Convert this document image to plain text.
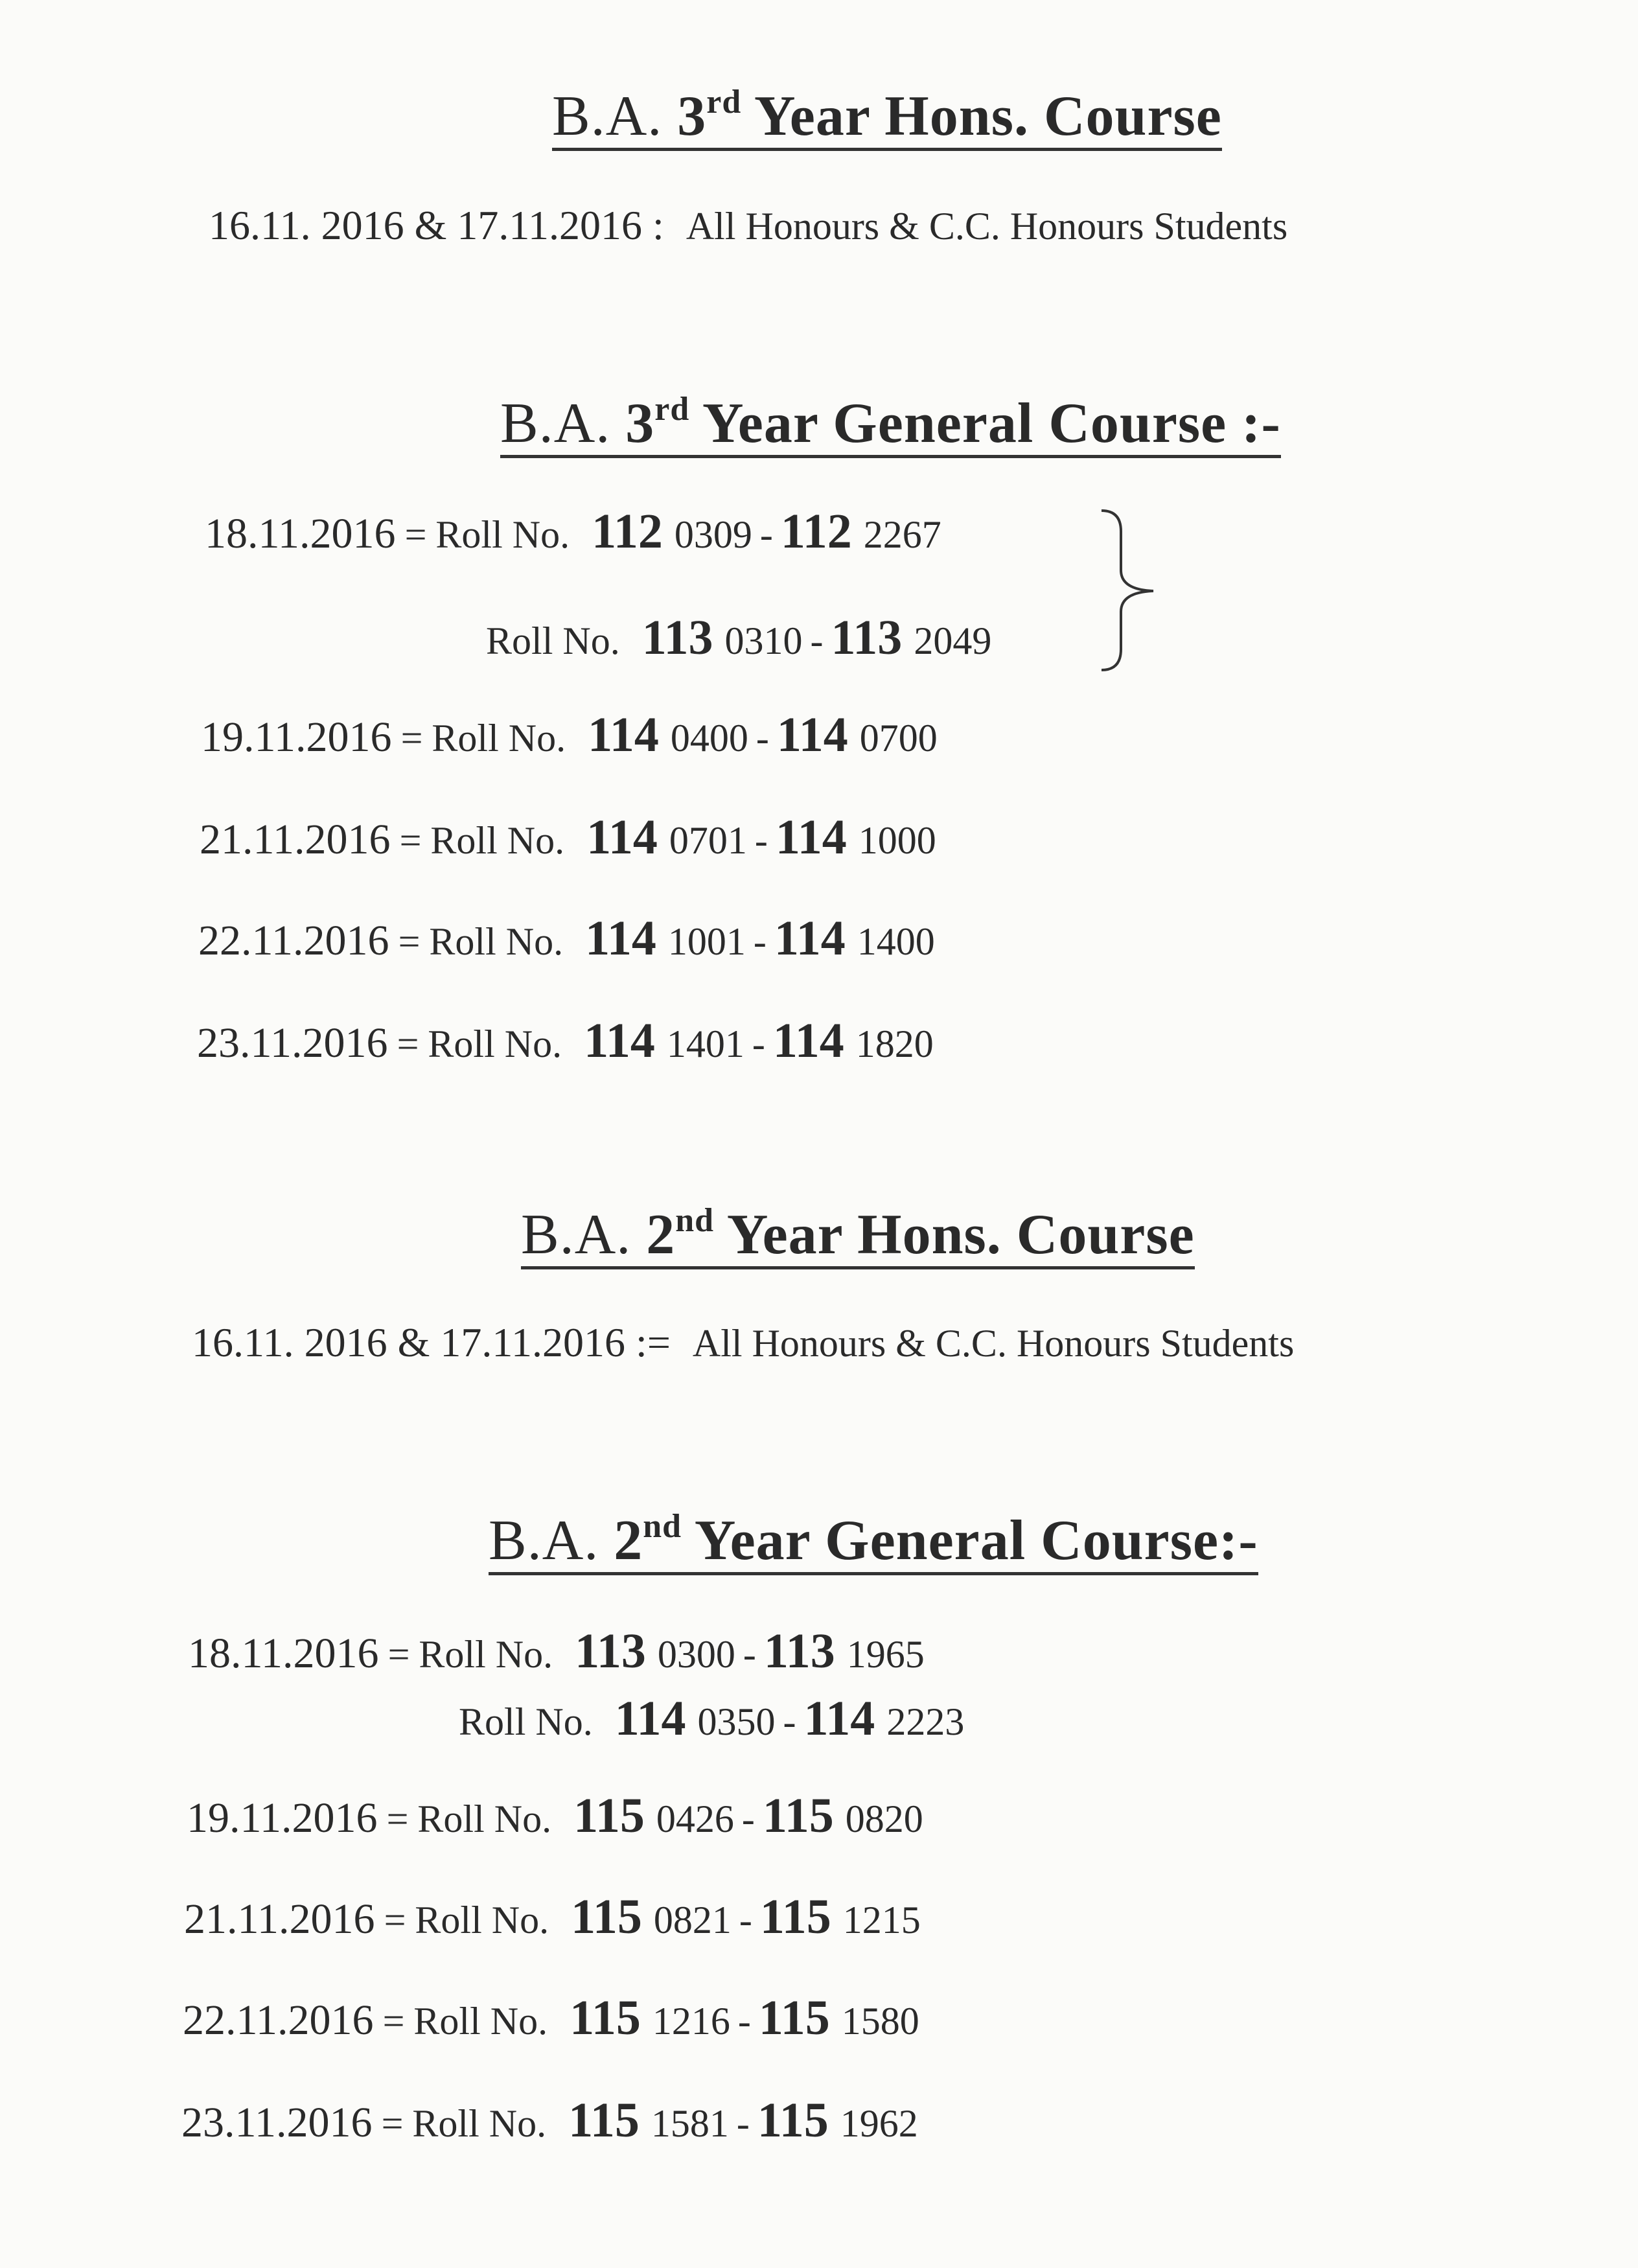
B.A. 3rd Year Hons. Course
16.11. 2016 & 17.11.2016 : All Honours & C.C. Honours Students
B.A. 3rd Year General Course :-
18.11.2016 = Roll No. 112 0309 - 112 2267
Roll No. 113 0310 - 113 2049
19.11.2016 = Roll No. 114 0400 - 114 0700
21.11.2016 = Roll No. 114 0701 - 114 1000
22.11.2016 = Roll No. 114 1001 - 114 1400
23.11.2016 = Roll No. 114 1401 - 114 1820
B.A. 2nd Year Hons. Course
16.11. 2016 & 17.11.2016 := All Honours & C.C. Honours Students
B.A. 2nd Year General Course:-
18.11.2016 = Roll No. 113 0300 - 113 1965
Roll No. 114 0350 - 114 2223
19.11.2016 = Roll No. 115 0426 - 115 0820
21.11.2016 = Roll No. 115 0821 - 115 1215
22.11.2016 = Roll No. 115 1216 - 115 1580
23.11.2016 = Roll No. 115 1581 - 115 1962
